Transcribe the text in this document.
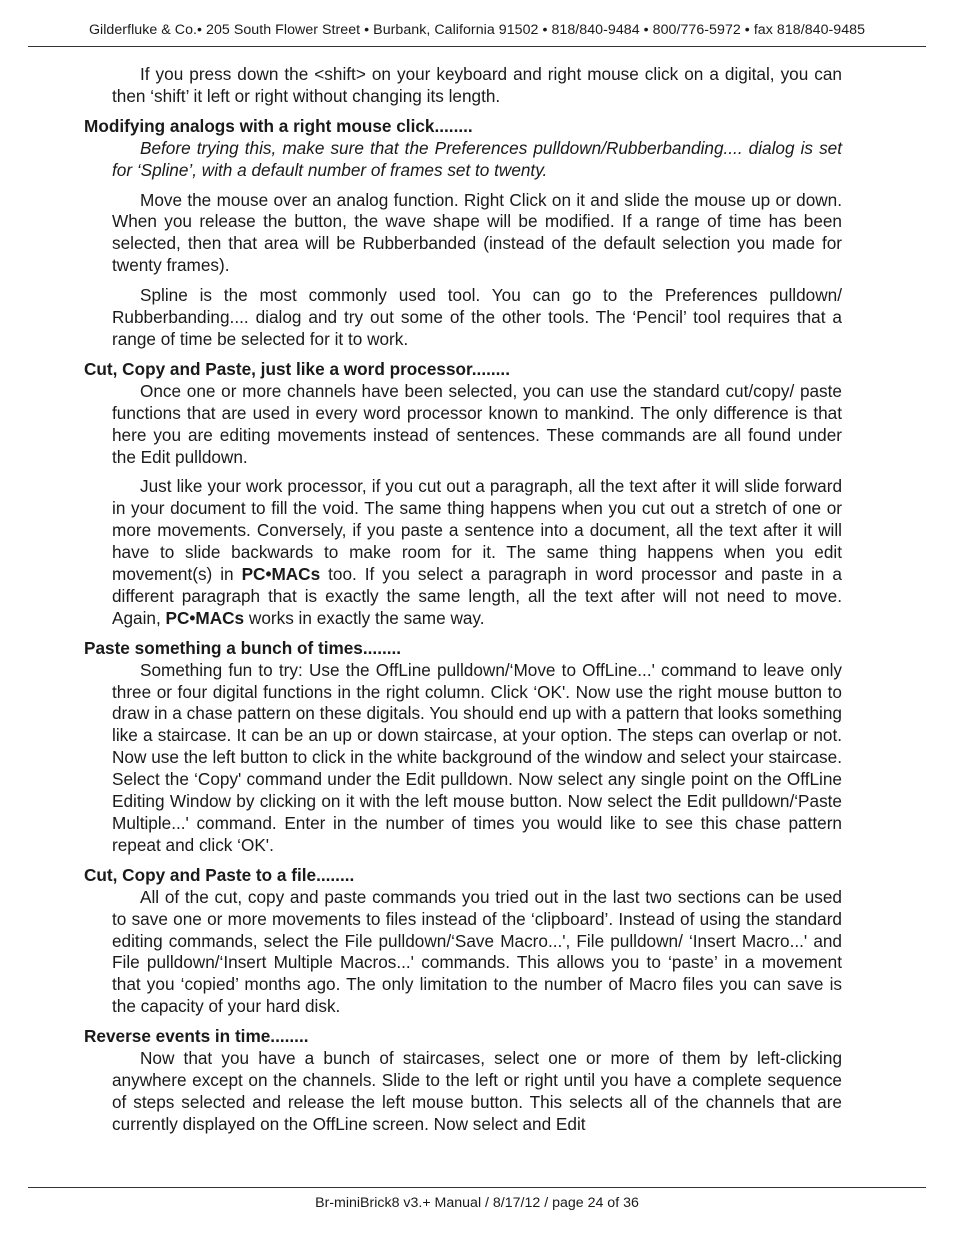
Gilderfluke & Co.• 205 South Flower Street • Burbank, California 91502 • 818/840-9484 • 800/776-5972 • fax 818/840-9485

If you press down the <shift> on your keyboard and right mouse click on a digital, you can then ‘shift’ it left or right without changing its length.

Modifying analogs with a right mouse click........

Before trying this, make sure that the Preferences pulldown/Rubberbanding.... dialog is set for ‘Spline’, with a default number of frames set to twenty.

Move the mouse over an analog function. Right Click on it and slide the mouse up or down. When you release the button, the wave shape will be modified. If a range of time has been selected, then that area will be Rubberbanded (instead of the default selection you made for twenty frames).

Spline is the most commonly used tool. You can go to the Preferences pulldown/ Rubberbanding.... dialog and try out some of the other tools. The ‘Pencil’ tool requires that a range of time be selected for it to work.

Cut, Copy and Paste, just like a word processor........

Once one or more channels have been selected, you can use the standard cut/copy/ paste functions that are used in every word processor known to mankind. The only difference is that here you are editing movements instead of sentences. These commands are all found under the Edit pulldown.

Just like your work processor, if you cut out a paragraph, all the text after it will slide forward in your document to fill the void. The same thing happens when you cut out a stretch of one or more movements. Conversely, if you paste a sentence into a document, all the text after it will have to slide backwards to make room for it. The same thing happens when you edit movement(s) in PC•MACs too. If you select a paragraph in word processor and paste in a different paragraph that is exactly the same length, all the text after will not need to move. Again, PC•MACs works in exactly the same way.

Paste something a bunch of times........

Something fun to try: Use the OffLine pulldown/‘Move to OffLine...' command to leave only three or four digital functions in the right column. Click ‘OK'. Now use the right mouse button to draw in a chase pattern on these digitals. You should end up with a pattern that looks something like a staircase. It can be an up or down staircase, at your option. The steps can overlap or not. Now use the left button to click in the white background of the window and select your staircase. Select the ‘Copy' command under the Edit pulldown. Now select any single point on the OffLine Editing Window by clicking on it with the left mouse button. Now select the Edit pulldown/‘Paste Multiple...' command. Enter in the number of times you would like to see this chase pattern repeat and click ‘OK'.

Cut, Copy and Paste to a file........

All of the cut, copy and paste commands you tried out in the last two sections can be used to save one or more movements to files instead of the ‘clipboard’. Instead of using the standard editing commands, select the File pulldown/‘Save Macro...', File pulldown/ ‘Insert Macro...' and File pulldown/‘Insert Multiple Macros...' commands. This allows you to ‘paste’ in a movement that you ‘copied’ months ago. The only limitation to the number of Macro files you can save is the capacity of your hard disk.

Reverse events in time........

Now that you have a bunch of staircases, select one or more of them by left-clicking anywhere except on the channels. Slide to the left or right until you have a complete sequence of steps selected and release the left mouse button. This selects all of the channels that are currently displayed on the OffLine screen. Now select and Edit

Br-miniBrick8 v3.+ Manual / 8/17/12 / page 24 of 36
